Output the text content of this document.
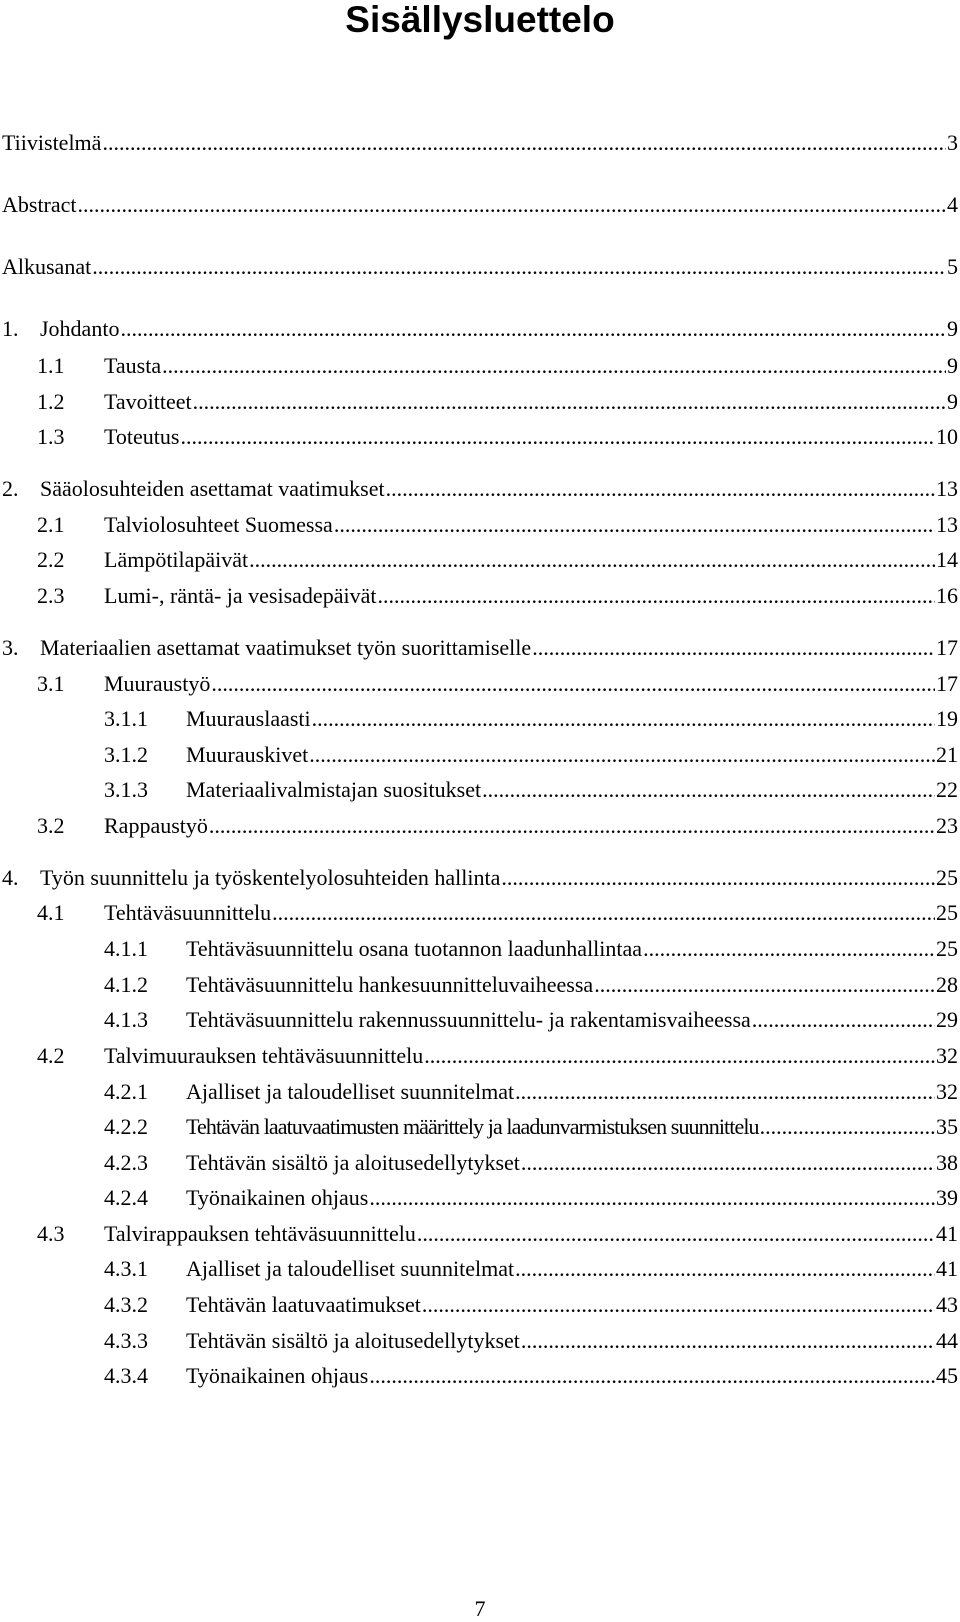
Sisällysluettelo
Tiivistelmä .....	3
Abstract .....	4
Alkusanat .....	5
1. Johdanto .....	9
1.1	Tausta .....	9
1.2	Tavoitteet .....	9
1.3	Toteutus .....	10
2. Sääolosuhteiden asettamat vaatimukset .....	13
2.1	Talviolosuhteet Suomessa .....	13
2.2	Lämpötilapäivät .....	14
2.3	Lumi-, räntä- ja vesisadepäivät .....	16
3. Materiaalien asettamat vaatimukset työn suorittamiselle .....	17
3.1	Muuraustyö .....	17
3.1.1	Muurauslaasti .....	19
3.1.2	Muurauskivet .....	21
3.1.3	Materiaalivalmistajan suositukset .....	22
3.2	Rappaustyö .....	23
4. Työn suunnittelu ja työskentelyolosuhteiden hallinta .....	25
4.1	Tehtäväsuunnittelu .....	25
4.1.1	Tehtäväsuunnittelu osana tuotannon laadunhallintaa .....	25
4.1.2	Tehtäväsuunnittelu hankesuunnitteluvaiheessa .....	28
4.1.3	Tehtäväsuunnittelu rakennussuunnittelu- ja rakentamisvaiheessa .....	29
4.2	Talvimuurauksen tehtäväsuunnittelu .....	32
4.2.1	Ajalliset ja taloudelliset suunnitelmat .....	32
4.2.2	Tehtävän laatuvaatimusten määrittely ja laadunvarmistuksen suunnittelu .....	35
4.2.3	Tehtävän sisältö ja aloitusedellytykset .....	38
4.2.4	Työnaikainen ohjaus .....	39
4.3	Talvirappauksen tehtäväsuunnittelu .....	41
4.3.1	Ajalliset ja taloudelliset suunnitelmat .....	41
4.3.2	Tehtävän laatuvaatimukset .....	43
4.3.3	Tehtävän sisältö ja aloitusedellytykset .....	44
4.3.4	Työnaikainen ohjaus .....	45
7
